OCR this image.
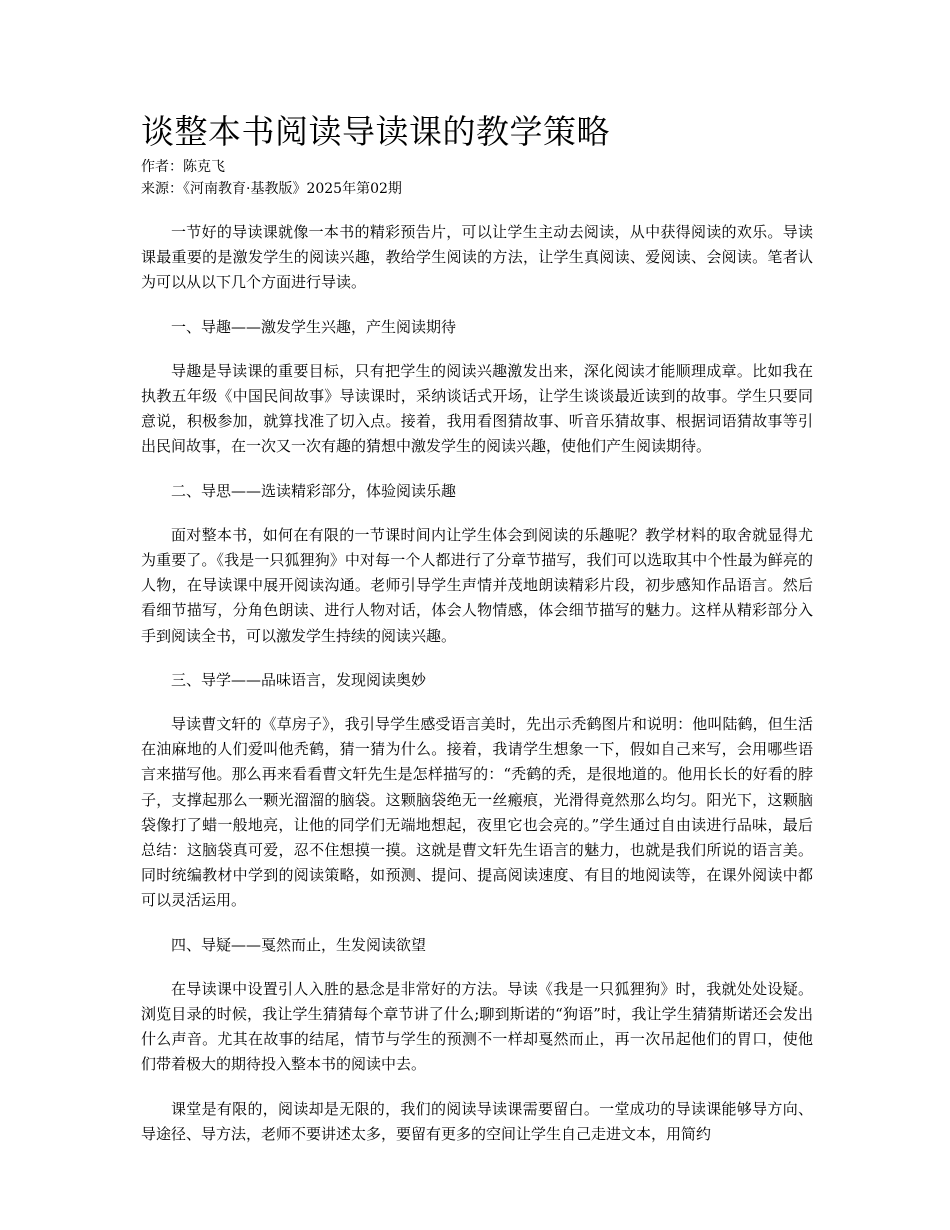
谈整本书阅读导读课的教学策略

作者：陈克飞

来源：《河南教育·基教版》2025年第02期

一节好的导读课就像一本书的精彩预告片，可以让学生主动去阅读，从中获得阅读的欢乐。导读课最重要的是激发学生的阅读兴趣，教给学生阅读的方法，让学生真阅读、爱阅读、会阅读。笔者认为可以从以下几个方面进行导读。

一、导趣——激发学生兴趣，产生阅读期待

导趣是导读课的重要目标，只有把学生的阅读兴趣激发出来，深化阅读才能顺理成章。比如我在执教五年级《中国民间故事》导读课时，采纳谈话式开场，让学生谈谈最近读到的故事。学生只要同意说，积极参加，就算找准了切入点。接着，我用看图猜故事、听音乐猜故事、根据词语猜故事等引出民间故事，在一次又一次有趣的猜想中激发学生的阅读兴趣，使他们产生阅读期待。

二、导思——选读精彩部分，体验阅读乐趣

面对整本书，如何在有限的一节课时间内让学生体会到阅读的乐趣呢？教学材料的取舍就显得尤为重要了。《我是一只狐狸狗》中对每一个人都进行了分章节描写，我们可以选取其中个性最为鲜亮的人物，在导读课中展开阅读沟通。老师引导学生声情并茂地朗读精彩片段，初步感知作品语言。然后看细节描写，分角色朗读、进行人物对话，体会人物情感，体会细节描写的魅力。这样从精彩部分入手到阅读全书，可以激发学生持续的阅读兴趣。

三、导学——品味语言，发现阅读奥妙

导读曹文轩的《草房子》，我引导学生感受语言美时，先出示秃鹤图片和说明：他叫陆鹤，但生活在油麻地的人们爱叫他秃鹤，猜一猜为什么。接着，我请学生想象一下，假如自己来写，会用哪些语言来描写他。那么再来看看曹文轩先生是怎样描写的：“秃鹤的秃，是很地道的。他用长长的好看的脖子，支撑起那么一颗光溜溜的脑袋。这颗脑袋绝无一丝瘢痕，光滑得竟然那么均匀。阳光下，这颗脑袋像打了蜡一般地亮，让他的同学们无端地想起，夜里它也会亮的。”学生通过自由读进行品味，最后总结：这脑袋真可爱，忍不住想摸一摸。这就是曹文轩先生语言的魅力，也就是我们所说的语言美。同时统编教材中学到的阅读策略，如预测、提问、提高阅读速度、有目的地阅读等，在课外阅读中都可以灵活运用。

四、导疑——戛然而止，生发阅读欲望

在导读课中设置引人入胜的悬念是非常好的方法。导读《我是一只狐狸狗》时，我就处处设疑。浏览目录的时候，我让学生猜猜每个章节讲了什么;聊到斯诺的“狗语”时，我让学生猜猜斯诺还会发出什么声音。尤其在故事的结尾，情节与学生的预测不一样却戛然而止，再一次吊起他们的胃口，使他们带着极大的期待投入整本书的阅读中去。

课堂是有限的，阅读却是无限的，我们的阅读导读课需要留白。一堂成功的导读课能够导方向、导途径、导方法，老师不要讲述太多，要留有更多的空间让学生自己走进文本，用简约
